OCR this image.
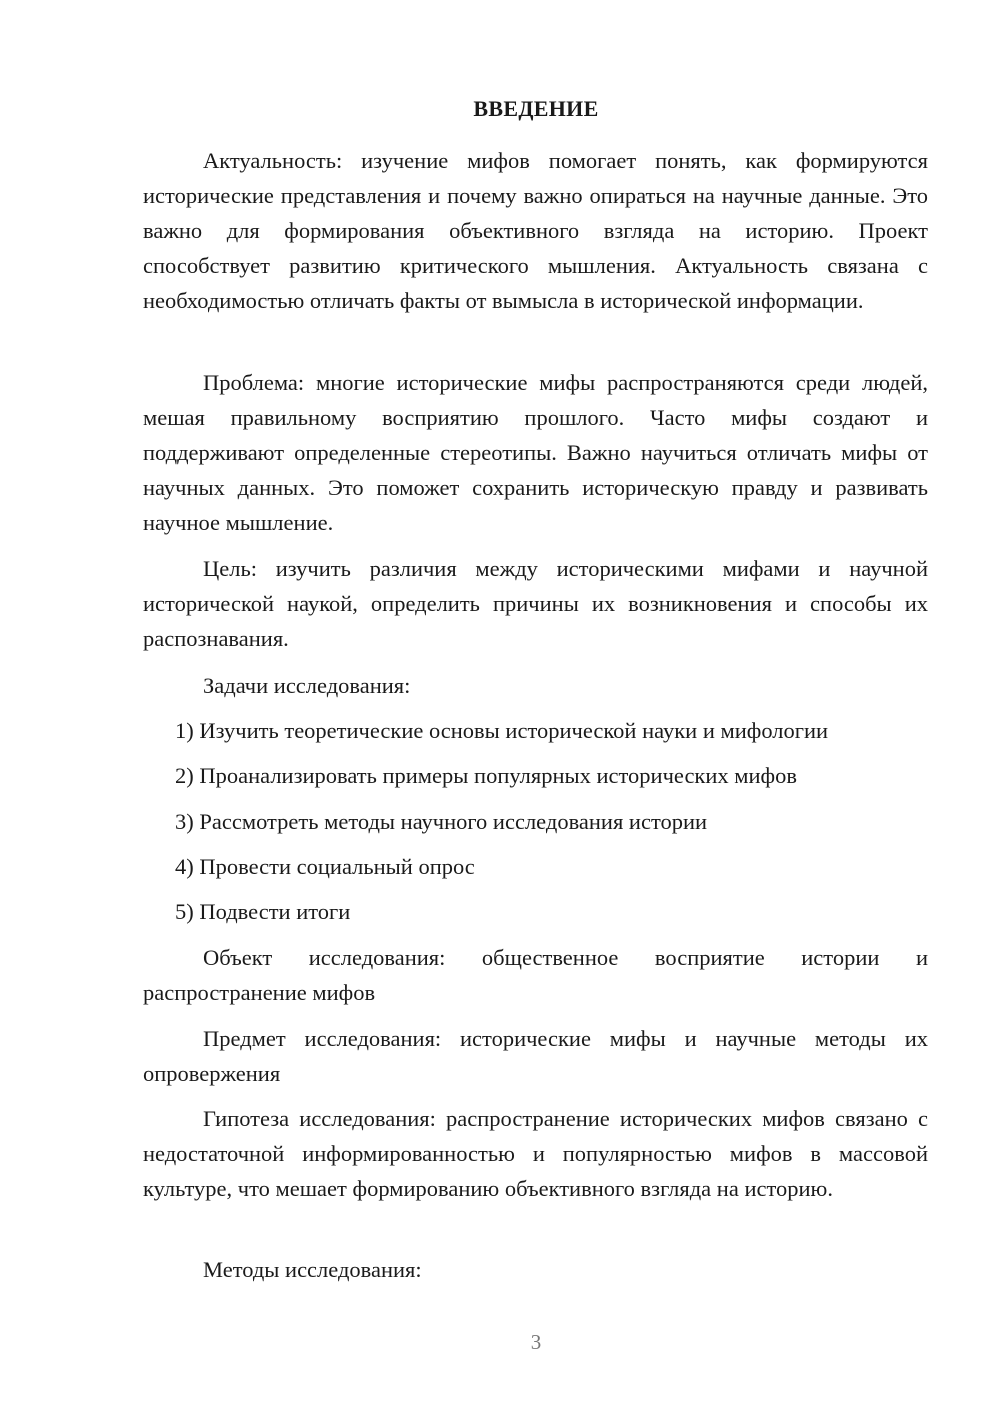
ВВЕДЕНИЕ

Актуальность: изучение мифов помогает понять, как формируются исторические представления и почему важно опираться на научные данные. Это важно для формирования объективного взгляда на историю. Проект способствует развитию критического мышления. Актуальность связана с необходимостью отличать факты от вымысла в исторической информации.

Проблема: многие исторические мифы распространяются среди людей, мешая правильному восприятию прошлого. Часто мифы создают и поддерживают определенные стереотипы. Важно научиться отличать мифы от научных данных. Это поможет сохранить историческую правду и развивать научное мышление.

Цель: изучить различия между историческими мифами и научной исторической наукой, определить причины их возникновения и способы их распознавания.

Задачи исследования:

1) Изучить теоретические основы исторической науки и мифологии

2) Проанализировать примеры популярных исторических мифов

3) Рассмотреть методы научного исследования истории

4) Провести социальный опрос

5) Подвести итоги

Объект исследования: общественное восприятие истории и распространение мифов

Предмет исследования: исторические мифы и научные методы их опровержения

Гипотеза исследования: распространение исторических мифов связано с недостаточной информированностью и популярностью мифов в массовой культуре, что мешает формированию объективного взгляда на историю.

Методы исследования:

3
